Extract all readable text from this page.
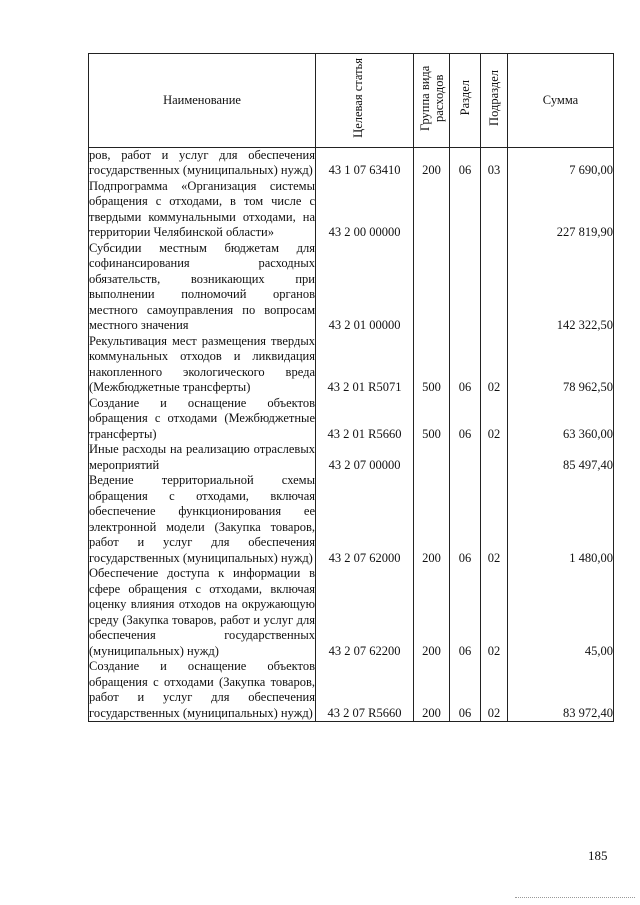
Наименование	Целевая статья	Группа вида расходов	Раздел	Подраздел	Сумма
ров, работ и услуг для обеспечения государственных (муниципальных) нужд)	43 1 07 63410	200	06	03	7 690,00
Подпрограмма «Организация системы обращения с отходами, в том числе с твердыми коммунальными отходами, на территории Челябинской области»	43 2 00 00000				227 819,90
Субсидии местным бюджетам для софинансирования расходных обязательств, возникающих при выполнении полномочий органов местного самоуправления по вопросам местного значения	43 2 01 00000				142 322,50
Рекультивация мест размещения твердых коммунальных отходов и ликвидация накопленного экологического вреда (Межбюджетные трансферты)	43 2 01 R5071	500	06	02	78 962,50
Создание и оснащение объектов обращения с отходами (Межбюджетные трансферты)	43 2 01 R5660	500	06	02	63 360,00
Иные расходы на реализацию отраслевых мероприятий	43 2 07 00000				85 497,40
Ведение территориальной схемы обращения с отходами, включая обеспечение функционирования ее электронной модели (Закупка товаров, работ и услуг для обеспечения государственных (муниципальных) нужд)	43 2 07 62000	200	06	02	1 480,00
Обеспечение доступа к информации в сфере обращения с отходами, включая оценку влияния отходов на окружающую среду (Закупка товаров, работ и услуг для обеспечения государственных (муниципальных) нужд)	43 2 07 62200	200	06	02	45,00
Создание и оснащение объектов обращения с отходами (Закупка товаров, работ и услуг для обеспечения государственных (муниципальных) нужд)	43 2 07 R5660	200	06	02	83 972,40
185
